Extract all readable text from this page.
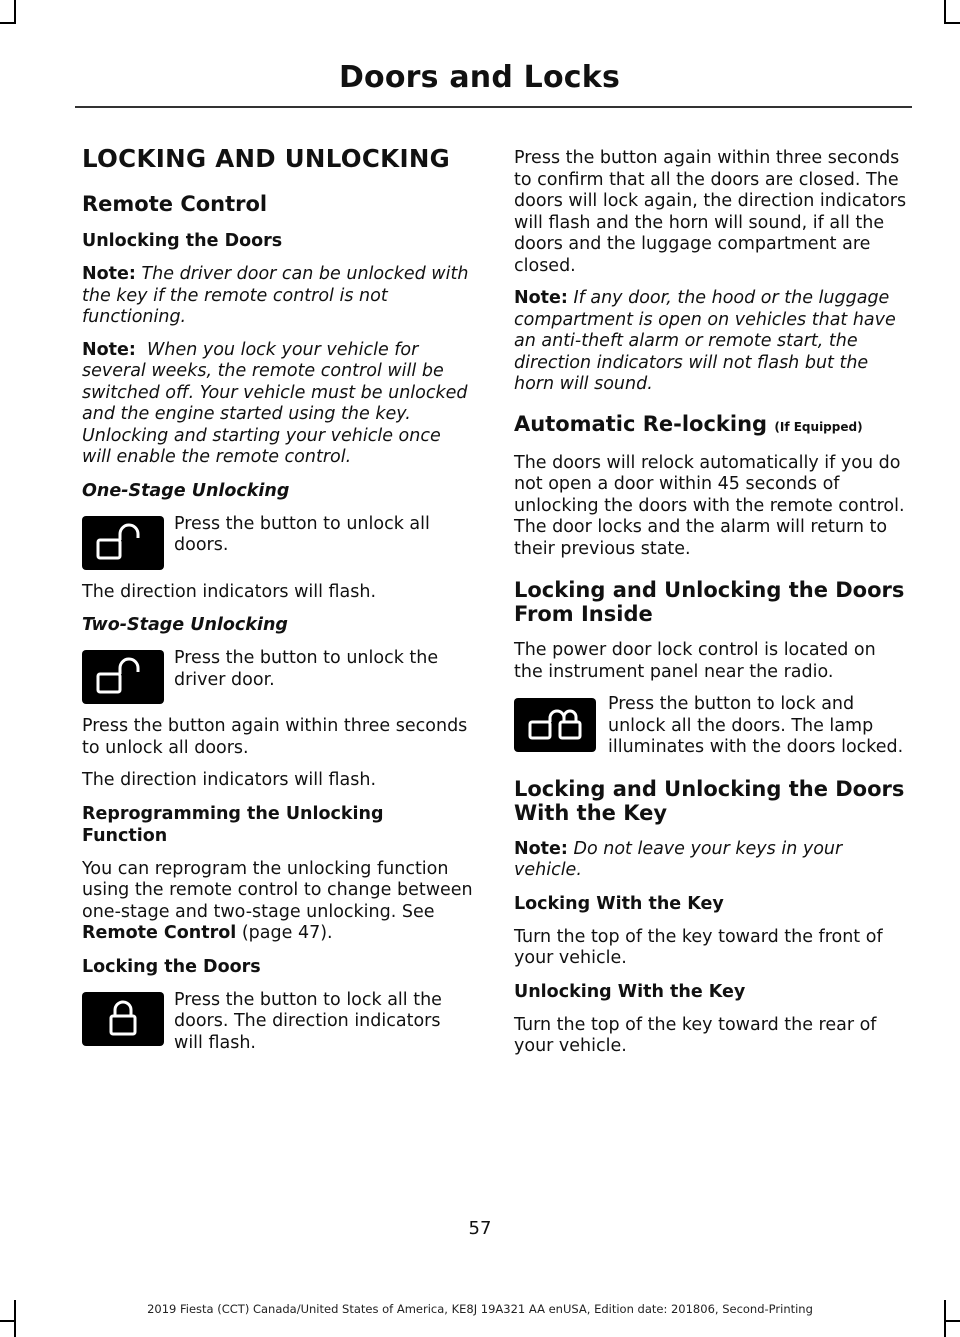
Doors and Locks
LOCKING AND UNLOCKING
Remote Control
Unlocking the Doors

Note: The driver door can be unlocked with the key if the remote control is not functioning.

Note: When you lock your vehicle for several weeks, the remote control will be switched off. Your vehicle must be unlocked and the engine started using the key. Unlocking and starting your vehicle once will enable the remote control.

One-Stage Unlocking

Press the button to unlock all doors.

The direction indicators will flash.

Two-Stage Unlocking

Press the button to unlock the driver door.

Press the button again within three seconds to unlock all doors.

The direction indicators will flash.

Reprogramming the Unlocking Function

You can reprogram the unlocking function using the remote control to change between one-stage and two-stage unlocking. See Remote Control (page 47).

Locking the Doors

Press the button to lock all the doors. The direction indicators will flash.

Press the button again within three seconds to confirm that all the doors are closed. The doors will lock again, the direction indicators will flash and the horn will sound, if all the doors and the luggage compartment are closed.

Note: If any door, the hood or the luggage compartment is open on vehicles that have an anti-theft alarm or remote start, the direction indicators will not flash but the horn will sound.

Automatic Re-locking (If Equipped)

The doors will relock automatically if you do not open a door within 45 seconds of unlocking the doors with the remote control. The door locks and the alarm will return to their previous state.

Locking and Unlocking the Doors From Inside

The power door lock control is located on the instrument panel near the radio.

Press the button to lock and unlock all the doors. The lamp illuminates with the doors locked.

Locking and Unlocking the Doors With the Key

Note: Do not leave your keys in your vehicle.

Locking With the Key

Turn the top of the key toward the front of your vehicle.

Unlocking With the Key

Turn the top of the key toward the rear of your vehicle.

57
2019 Fiesta (CCT) Canada/United States of America, KE8J 19A321 AA enUSA, Edition date: 201806, Second-Printing
